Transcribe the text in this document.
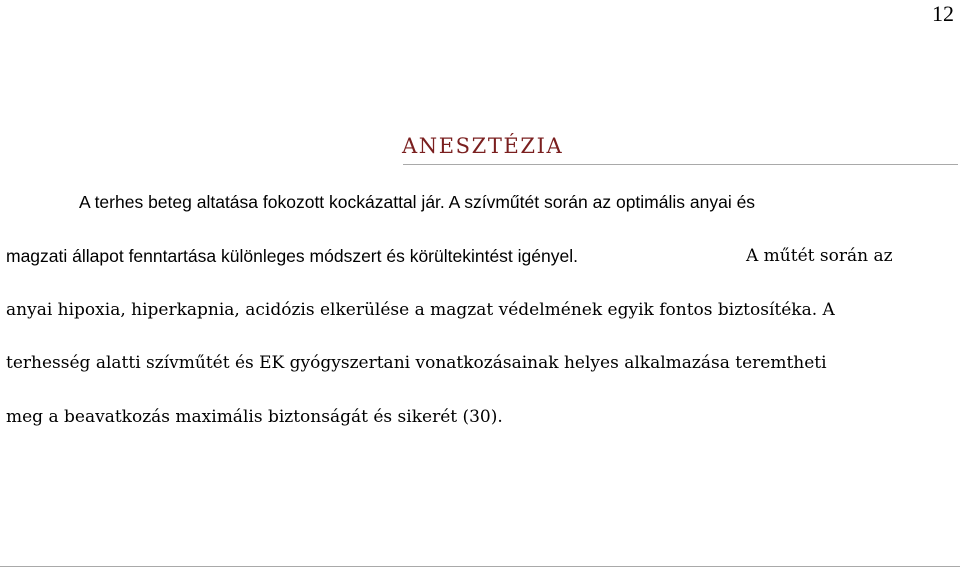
12
ANESZTÉZIA
A terhes beteg altatása fokozott kockázattal jár. A szívműtét során az optimális anyai és
magzati állapot fenntartása különleges módszert és körültekintést igényel.	A műtét során az
anyai hipoxia, hiperkapnia, acidózis elkerülése a magzat védelmének egyik fontos biztosítéka. A
terhesség alatti szívműtét és EK gyógyszertani vonatkozásainak helyes alkalmazása teremtheti
meg a beavatkozás maximális biztonságát és sikerét (30).
